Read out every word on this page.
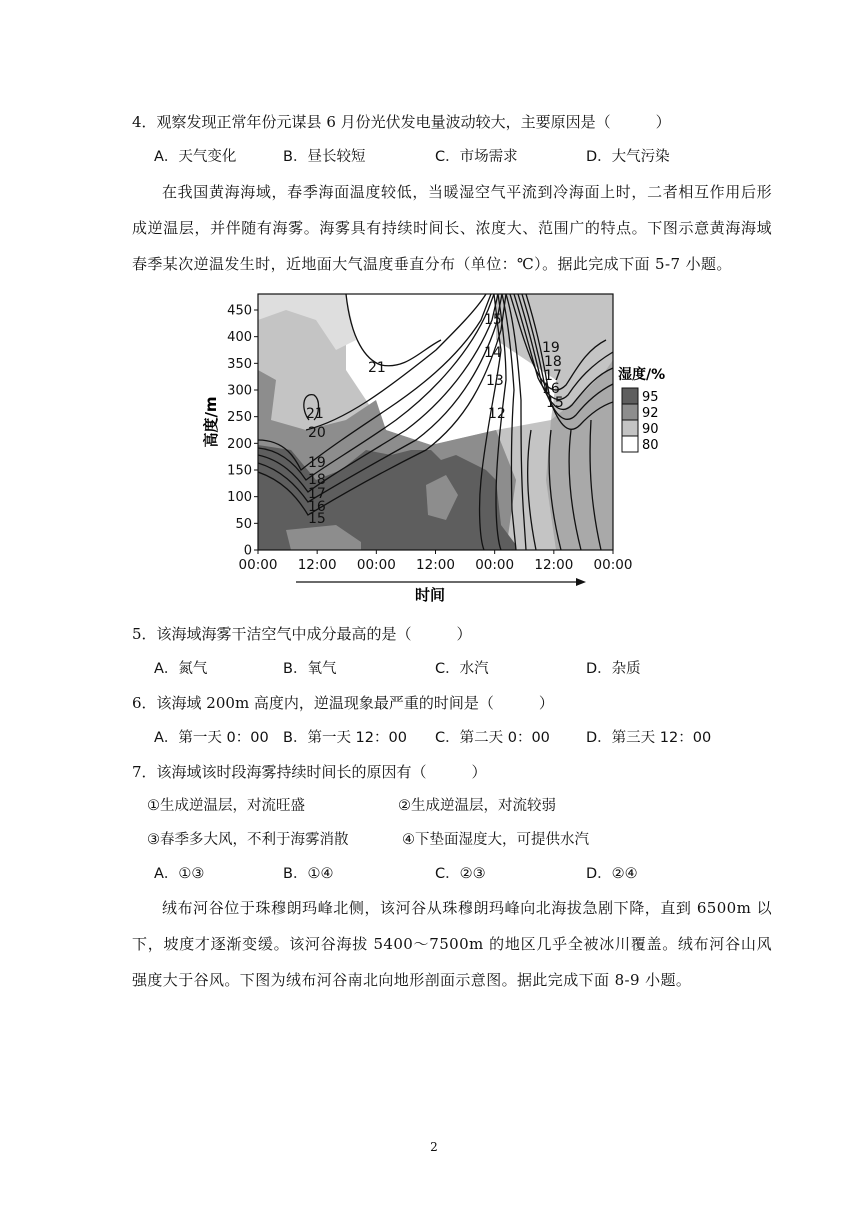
4．观察发现正常年份元谋县 6 月份光伏发电量波动较大，主要原因是（　　　）
A．天气变化	B．昼长较短	C．市场需求	D．大气污染
在我国黄海海域，春季海面温度较低，当暖湿空气平流到冷海面上时，二者相互作用后形成逆温层，并伴随有海雾。海雾具有持续时间长、浓度大、范围广的特点。下图示意黄海海域春季某次逆温发生时，近地面大气温度垂直分布（单位：℃）。据此完成下面 5-7 小题。
21
21
20
19
18
17
16
15
15
14
13
12
19
18
17
16
15
0
50
100
150
200
250
300
350
400
450
00:00 12:00 00:00 12:00 00:00 12:00 00:00
高度/m
时间
湿度/%
95
92
90
80
5．该海域海雾干洁空气中成分最高的是（　　　）
A．氮气	B．氧气	C．水汽	D．杂质
6．该海域 200m 高度内，逆温现象最严重的时间是（　　　）
A．第一天 0：00 B．第一天 12：00 C．第二天 0：00 D．第三天 12：00
7．该海域该时段海雾持续时间长的原因有（　　　）
①生成逆温层，对流旺盛	②生成逆温层，对流较弱
③春季多大风，不利于海雾消散	④下垫面湿度大，可提供水汽
A．①③	B．①④	C．②③	D．②④
绒布河谷位于珠穆朗玛峰北侧，该河谷从珠穆朗玛峰向北海拔急剧下降，直到 6500m 以下，坡度才逐渐变缓。该河谷海拔 5400～7500m 的地区几乎全被冰川覆盖。绒布河谷山风强度大于谷风。下图为绒布河谷南北向地形剖面示意图。据此完成下面 8-9 小题。
2
